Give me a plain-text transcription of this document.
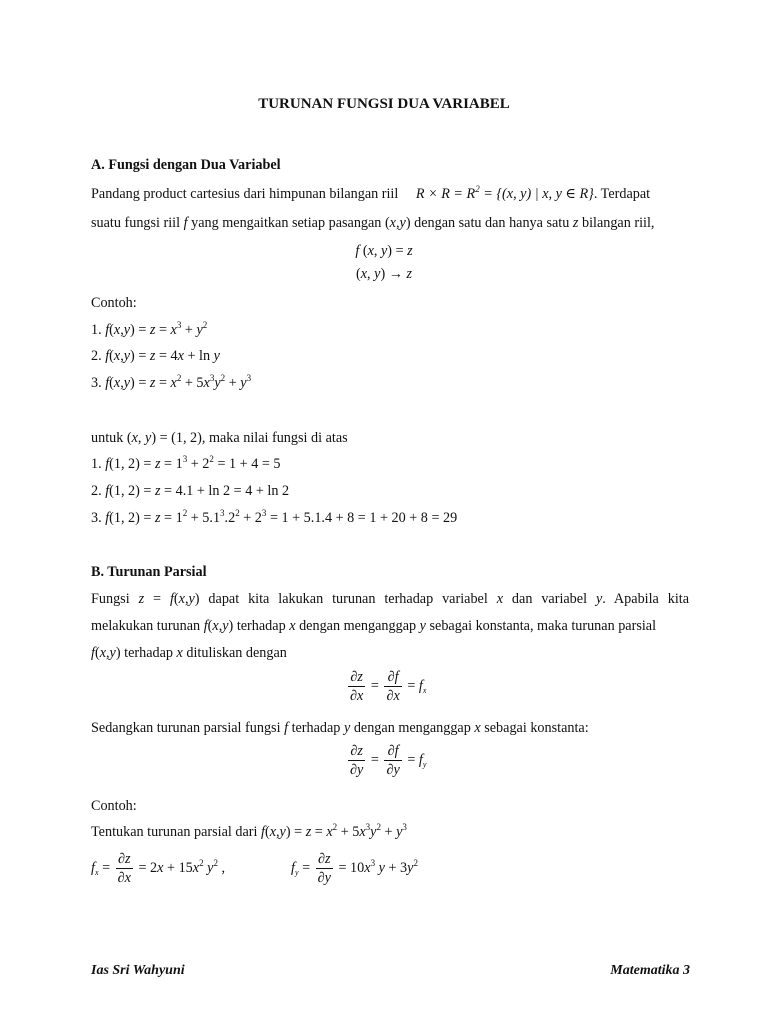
TURUNAN FUNGSI DUA VARIABEL
A. Fungsi dengan Dua Variabel
Pandang product cartesius dari himpunan bilangan riil $R \times R = R^2 = \{(x$, y) | x, y ∈ R}. Terdapat
suatu fungsi riil f yang mengaitkan setiap pasangan (x,y) dengan satu dan hanya satu z bilangan riil,
f (x, y) = z
(x, y) → z
Contoh:
1. $f(x,y) = z = x^3 + y^2$
2. f(x,y) = z = 4x + ln y
3. $f(x,y) = z = x^2 + 5x^3y^2 + y^3$
untuk (x, y) = (1, 2), maka nilai fungsi di atas
1. f(1, $2) = z = 1^3 + 2^2 = 1 + 4 = 5$
2. f(1, 2) = z = 4.1 + ln 2 = 4 + ln 2
3. f(1, $2) = z = 1^2 + 5.1^3.2^2 + 2^3 = 1 + 5.1.4 + 8 = 1 + 20 + 8 = 29$
B. Turunan Parsial
Fungsi z = f(x,y) dapat kita lakukan turunan terhadap variabel x dan variabel y. Apabila kita
melakukan turunan f(x,y) terhadap x dengan menganggap y sebagai konstanta, maka turunan parsial
f(x,y) terhadap x dituliskan dengan
$\frac{\partial z}{\partial x} = \frac{\partial f}{\partial x} = f_x$
Sedangkan turunan parsial fungsi f terhadap y dengan menganggap x sebagai konstanta:
$\frac{\partial z}{\partial y} = \frac{\partial f}{\partial y} = f_y$
Contoh:
Tentukan turunan parsial dari $f(x,y) = z = x^2 + 5x^3y^2 + y^3$
$f_x = \frac{\partial z}{\partial x} = 2x + 15x^2$ $y^2$ ,	$f_y = \frac{\partial z}{\partial y} = 10x^3$ $y + 3y^2$
Ias Sri Wahyuni	Matematika 3
